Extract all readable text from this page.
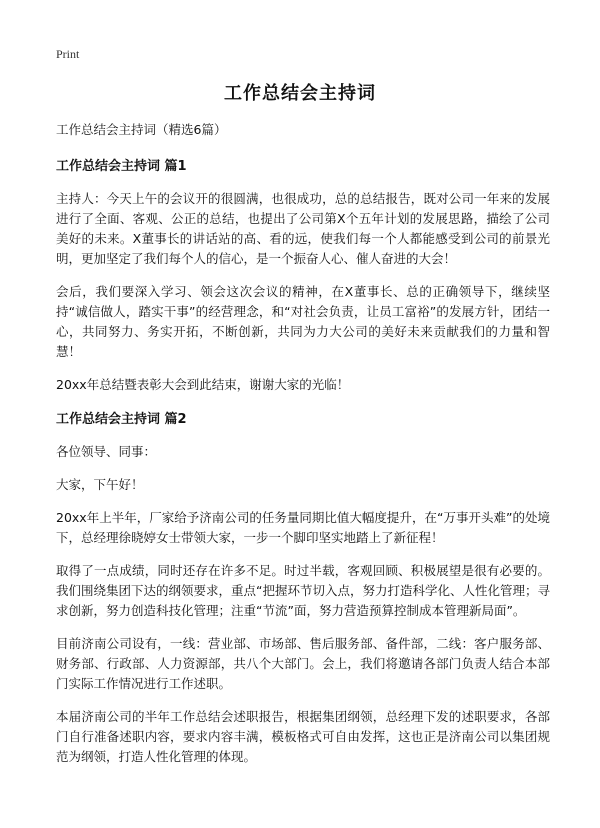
Print
工作总结会主持词
工作总结会主持词（精选6篇）
工作总结会主持词 篇1

主持人：今天上午的会议开的很圆满，也很成功，总的总结报告，既对公司一年来的发展进行了全面、客观、公正的总结，也提出了公司第X个五年计划的发展思路，描绘了公司美好的未来。X董事长的讲话站的高、看的远，使我们每一个人都能感受到公司的前景光明，更加坚定了我们每个人的信心，是一个振奋人心、催人奋进的大会！

会后，我们要深入学习、领会这次会议的精神，在X董事长、总的正确领导下，继续坚持“诚信做人，踏实干事”的经营理念，和“对社会负责，让员工富裕”的发展方针，团结一心，共同努力、务实开拓，不断创新，共同为力大公司的美好未来贡献我们的力量和智慧！

20xx年总结暨表彰大会到此结束，谢谢大家的光临！

工作总结会主持词 篇2

各位领导、同事：

大家，下午好！

20xx年上半年，厂家给予济南公司的任务量同期比值大幅度提升，在“万事开头难”的处境下，总经理徐晓婷女士带领大家，一步一个脚印坚实地踏上了新征程！

取得了一点成绩，同时还存在许多不足。时过半载，客观回顾、积极展望是很有必要的。我们围绕集团下达的纲领要求，重点“把握环节切入点，努力打造科学化、人性化管理；寻求创新，努力创造科技化管理；注重“节流”面，努力营造预算控制成本管理新局面”。

目前济南公司设有，一线：营业部、市场部、售后服务部、备件部，二线：客户服务部、财务部、行政部、人力资源部，共八个大部门。会上，我们将邀请各部门负责人结合本部门实际工作情况进行工作述职。

本届济南公司的半年工作总结会述职报告，根据集团纲领，总经理下发的述职要求，各部门自行准备述职内容，要求内容丰满，模板格式可自由发挥，这也正是济南公司以集团规范为纲领，打造人性化管理的体现。
